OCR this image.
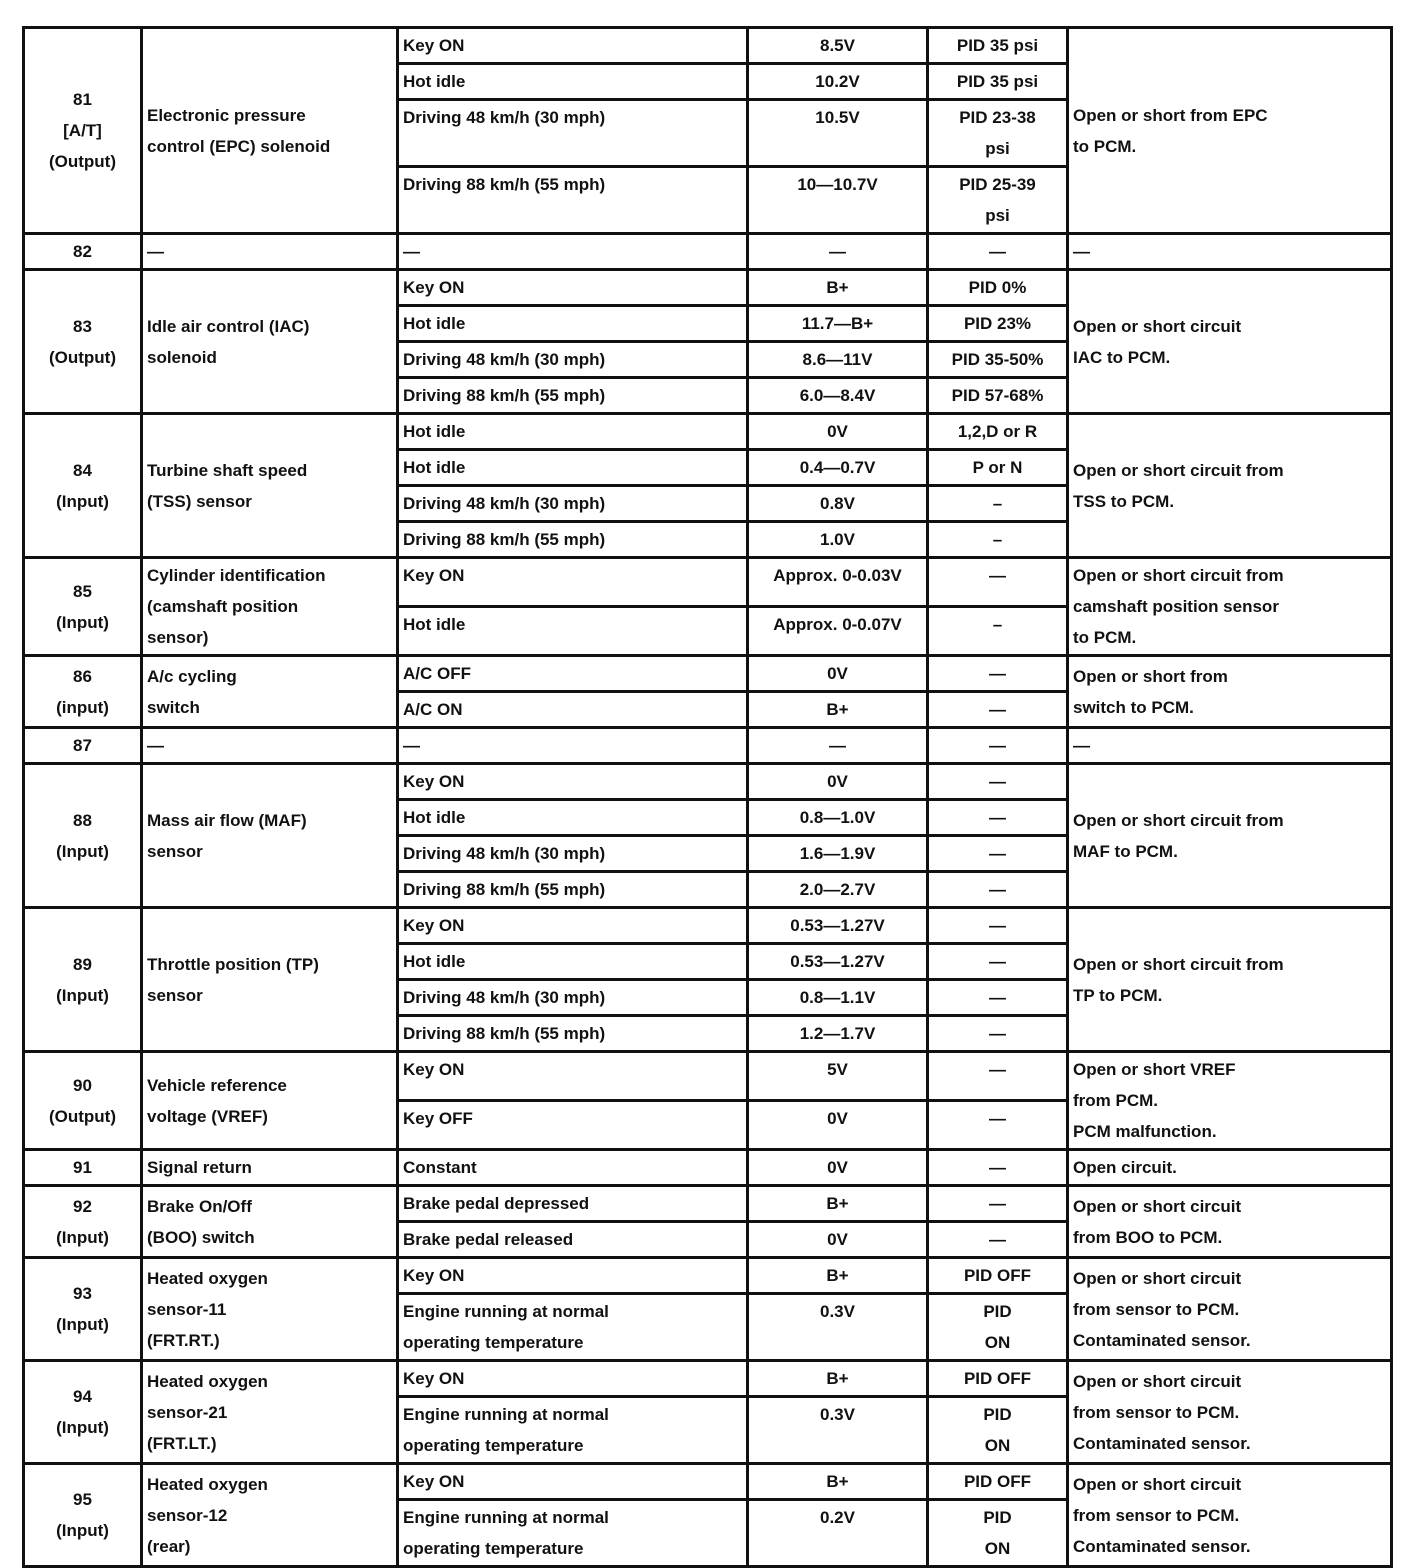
81
[A/T]
(Output)	Electronic pressure
control (EPC) solenoid	Key ON	8.5V	PID 35 psi	Open or short from EPC
to PCM.

		Hot idle	10.2V	PID 35 psi	

		Driving 48 km/h (30 mph)	10.5V	PID 23-38
psi	

		Driving 88 km/h (55 mph)	10—10.7V	PID 25-39
psi	

82	—	—	—	—	—

83
(Output)	Idle air control (IAC)
solenoid	Key ON	B+	PID 0%	Open or short circuit
IAC to PCM.

		Hot idle	11.7—B+	PID 23%	

		Driving 48 km/h (30 mph)	8.6—11V	PID 35-50%	

		Driving 88 km/h (55 mph)	6.0—8.4V	PID 57-68%	

84
(Input)	Turbine shaft speed
(TSS) sensor	Hot idle	0V	1,2,D or R	Open or short circuit from
TSS to PCM.

		Hot idle	0.4—0.7V	P or N	

		Driving 48 km/h (30 mph)	0.8V	–	

		Driving 88 km/h (55 mph)	1.0V	–	

85
(Input)	Cylinder identification
(camshaft position
sensor)	Key ON	Approx. 0-0.03V	—	Open or short circuit from
camshaft position sensor
to PCM.

		Hot idle	Approx. 0-0.07V	–	

86
(input)	A/c cycling
switch	A/C OFF	0V	—	Open or short from
switch to PCM.

		A/C ON	B+	—	

87	—	—	—	—	—

88
(Input)	Mass air flow (MAF)
sensor	Key ON	0V	—	Open or short circuit from
MAF to PCM.

		Hot idle	0.8—1.0V	—	

		Driving 48 km/h (30 mph)	1.6—1.9V	—	

		Driving 88 km/h (55 mph)	2.0—2.7V	—	

89
(Input)	Throttle position (TP)
sensor	Key ON	0.53—1.27V	—	Open or short circuit from
TP to PCM.

		Hot idle	0.53—1.27V	—	

		Driving 48 km/h (30 mph)	0.8—1.1V	—	

		Driving 88 km/h (55 mph)	1.2—1.7V	—	

90
(Output)	Vehicle reference
voltage (VREF)	Key ON	5V	—	Open or short VREF
from PCM.
PCM malfunction.

		Key OFF	0V	—	

91	Signal return	Constant	0V	—	Open circuit.

92
(Input)	Brake On/Off
(BOO) switch	Brake pedal depressed	B+	—	Open or short circuit
from BOO to PCM.

		Brake pedal released	0V	—	

93
(Input)	Heated oxygen
sensor-11
(FRT.RT.)	Key ON	B+	PID OFF	Open or short circuit
from sensor to PCM.
Contaminated sensor.

		Engine running at normal
operating temperature	0.3V	PID
ON	

94
(Input)	Heated oxygen
sensor-21
(FRT.LT.)	Key ON	B+	PID OFF	Open or short circuit
from sensor to PCM.
Contaminated sensor.

		Engine running at normal
operating temperature	0.3V	PID
ON	

95
(Input)	Heated oxygen
sensor-12
(rear)	Key ON	B+	PID OFF	Open or short circuit
from sensor to PCM.
Contaminated sensor.

		Engine running at normal
operating temperature	0.2V	PID
ON	
